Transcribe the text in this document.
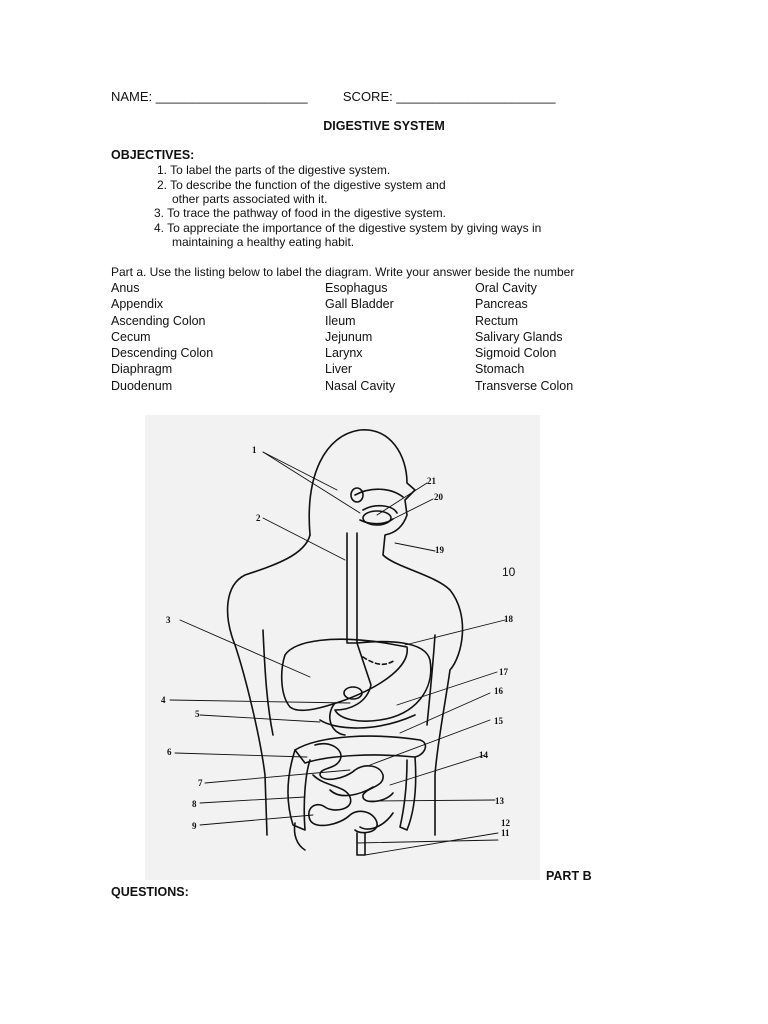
NAME: _____________________	SCORE: ______________________
DIGESTIVE SYSTEM
OBJECTIVES:
1. To label the parts of the digestive system.
2. To describe the function of the digestive system and
other parts associated with it.
3. To trace the pathway of food in the digestive system.
4. To appreciate the importance of the digestive system by giving ways in
maintaining a healthy eating habit.
Part a. Use the listing below to label the diagram. Write your answer beside the number
Anus
Appendix
Ascending Colon
Cecum
Descending Colon
Diaphragm
Duodenum
Esophagus
Gall Bladder
Ileum
Jejunum
Larynx
Liver
Nasal Cavity
Oral Cavity
Pancreas
Rectum
Salivary Glands
Sigmoid Colon
Stomach
Transverse Colon
1
2
3
4
5
6
7
8
9
11
12
13
14
15
16
17
18
19
20
21
10
PART B
QUESTIONS:
